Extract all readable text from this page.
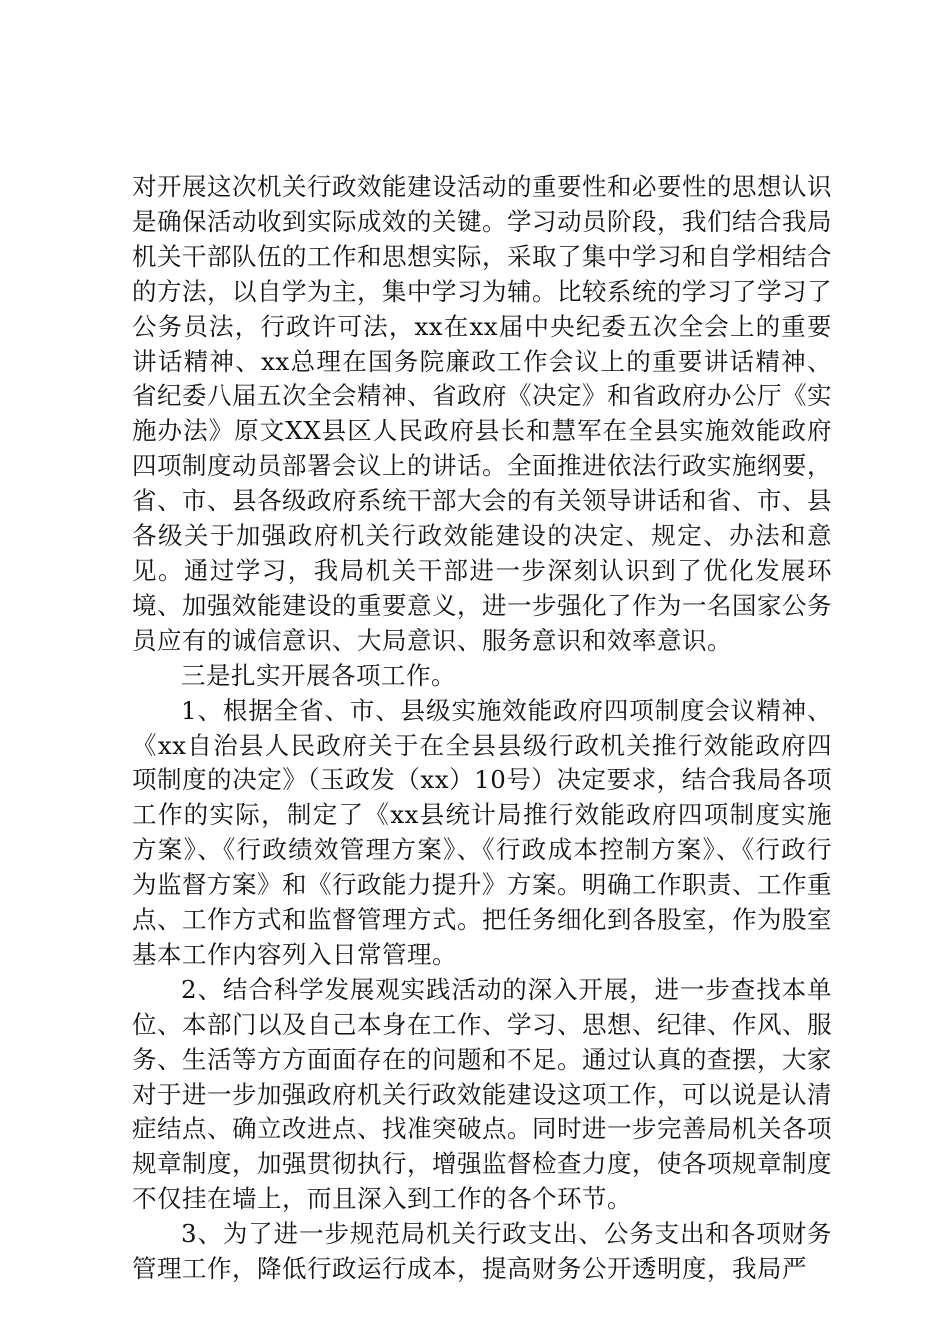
对开展这次机关行政效能建设活动的重要性和必要性的思想认识是确保活动收到实际成效的关键。学习动员阶段，我们结合我局机关干部队伍的工作和思想实际，采取了集中学习和自学相结合的方法，以自学为主，集中学习为辅。比较系统的学习了学习了公务员法，行政许可法，xx在xx届中央纪委五次全会上的重要讲话精神、xx总理在国务院廉政工作会议上的重要讲话精神、省纪委八届五次全会精神、省政府《决定》和省政府办公厅《实施办法》原文XX县区人民政府县长和慧军在全县实施效能政府四项制度动员部署会议上的讲话。全面推进依法行政实施纲要，省、市、县各级政府系统干部大会的有关领导讲话和省、市、县各级关于加强政府机关行政效能建设的决定、规定、办法和意见。通过学习，我局机关干部进一步深刻认识到了优化发展环境、加强效能建设的重要意义，进一步强化了作为一名国家公务员应有的诚信意识、大局意识、服务意识和效率意识。

三是扎实开展各项工作。

1、根据全省、市、县级实施效能政府四项制度会议精神、《xx自治县人民政府关于在全县县级行政机关推行效能政府四项制度的决定》（玉政发（xx）10号）决定要求，结合我局各项工作的实际，制定了《xx县统计局推行效能政府四项制度实施方案》、《行政绩效管理方案》、《行政成本控制方案》、《行政行为监督方案》和《行政能力提升》方案。明确工作职责、工作重点、工作方式和监督管理方式。把任务细化到各股室，作为股室基本工作内容列入日常管理。

2、结合科学发展观实践活动的深入开展，进一步查找本单位、本部门以及自己本身在工作、学习、思想、纪律、作风、服务、生活等方方面面存在的问题和不足。通过认真的查摆，大家对于进一步加强政府机关行政效能建设这项工作，可以说是认清症结点、确立改进点、找准突破点。同时进一步完善局机关各项规章制度，加强贯彻执行，增强监督检查力度，使各项规章制度不仅挂在墙上，而且深入到工作的各个环节。

3、为了进一步规范局机关行政支出、公务支出和各项财务管理工作，降低行政运行成本，提高财务公开透明度，我局严
